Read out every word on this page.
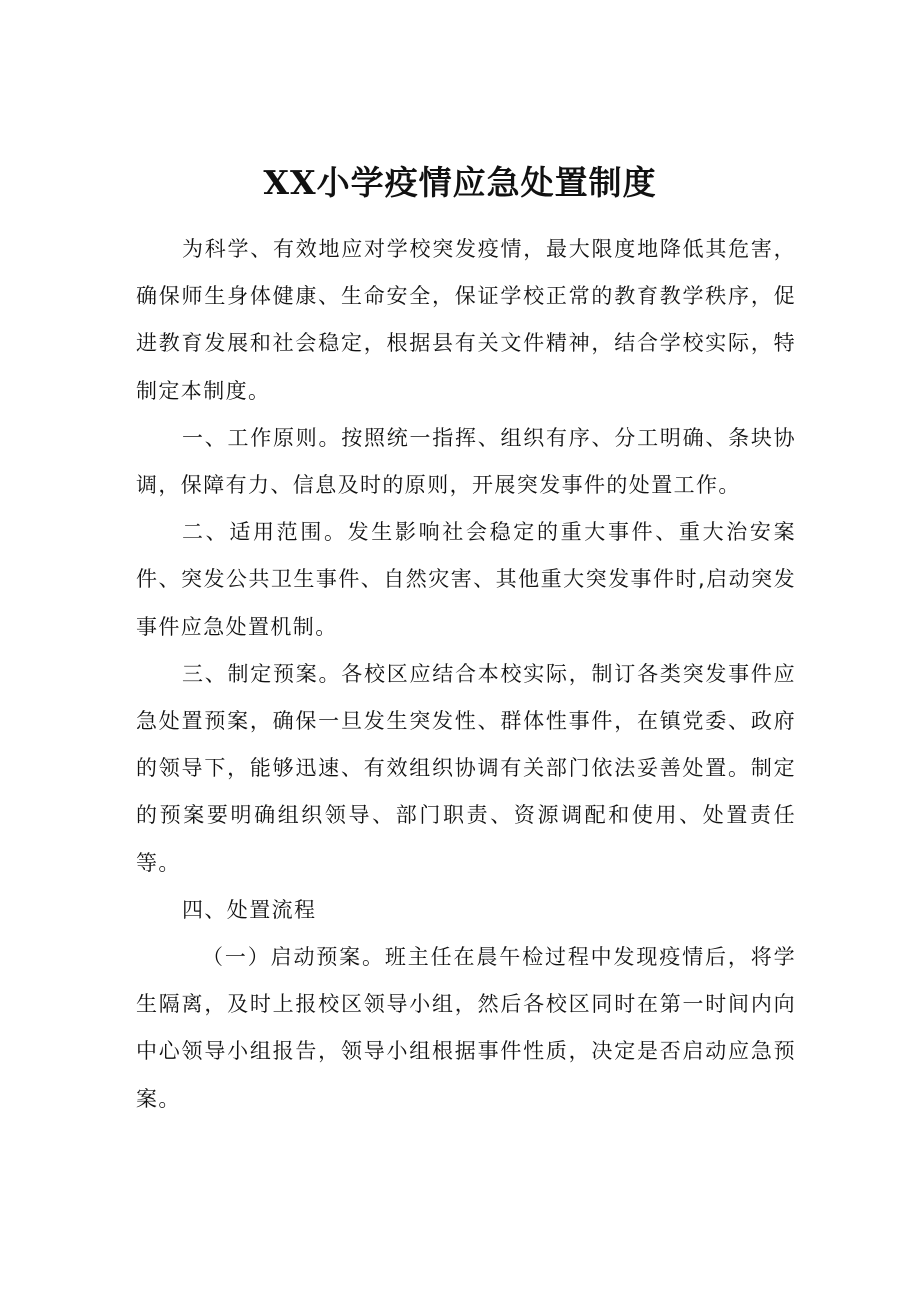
XX小学疫情应急处置制度

为科学、有效地应对学校突发疫情，最大限度地降低其危害，确保师生身体健康、生命安全，保证学校正常的教育教学秩序，促进教育发展和社会稳定，根据县有关文件精神，结合学校实际，特制定本制度。

一、工作原则。按照统一指挥、组织有序、分工明确、条块协调，保障有力、信息及时的原则，开展突发事件的处置工作。

二、适用范围。发生影响社会稳定的重大事件、重大治安案件、突发公共卫生事件、自然灾害、其他重大突发事件时,启动突发事件应急处置机制。

三、制定预案。各校区应结合本校实际，制订各类突发事件应急处置预案，确保一旦发生突发性、群体性事件，在镇党委、政府的领导下，能够迅速、有效组织协调有关部门依法妥善处置。制定的预案要明确组织领导、部门职责、资源调配和使用、处置责任等。

四、处置流程

（一）启动预案。班主任在晨午检过程中发现疫情后，将学生隔离，及时上报校区领导小组，然后各校区同时在第一时间内向中心领导小组报告，领导小组根据事件性质，决定是否启动应急预案。
